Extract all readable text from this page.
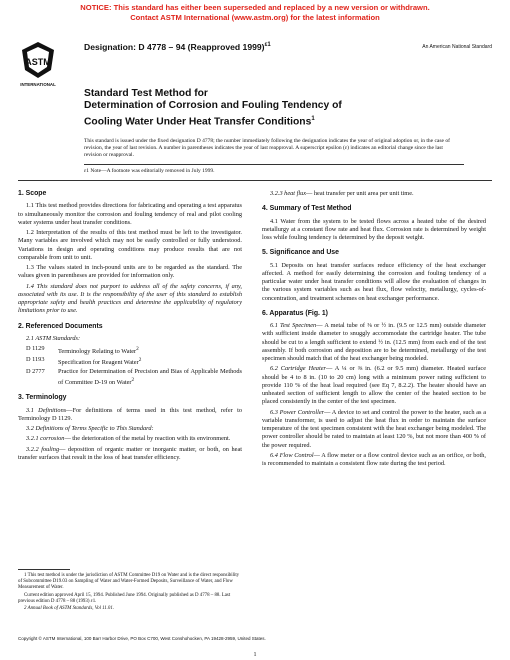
NOTICE: This standard has either been superseded and replaced by a new version or withdrawn.
Contact ASTM International (www.astm.org) for the latest information
ASTM
INTERNATIONAL
Designation: D 4778 – 94 (Reapproved 1999)$^{\varepsilon 1}$	An American National Standard
Standard Test Method for
Determination of Corrosion and Fouling Tendency of
Cooling Water Under Heat Transfer Conditions$^1$
This standard is issued under the fixed designation D 4778; the number immediately following the designation indicates the year of original adoption or, in the case of revision, the year of last revision. A number in parentheses indicates the year of last reapproval. A superscript epsilon (ε) indicates an editorial change since the last revision or reapproval.
ε1 Note—A footnote was editorially removed in July 1999.
1. Scope

1.1 This test method provides directions for fabricating and operating a test apparatus to simultaneously monitor the corrosion and fouling tendency of real and pilot cooling water systems under heat transfer conditions.

1.2 Interpretation of the results of this test method must be left to the investigator. Many variables are involved which may not be easily controlled or fully understood. Variations in design and operating conditions may produce results that are not comparable from unit to unit.

1.3 The values stated in inch-pound units are to be regarded as the standard. The values given in parentheses are provided for information only.

1.4 This standard does not purport to address all of the safety concerns, if any, associated with its use. It is the responsibility of the user of this standard to establish appropriate safety and health practices and determine the applicability of regulatory limitations prior to use.

2. Referenced Documents

2.1 ASTM Standards:

D 1129	Terminology Relating to Water$^2$
D 1193	Specification for Reagent Water$^2$
D 2777	Practice for Determination of Precision and Bias of Applicable Methods of Committee D-19 on Water$^2$
3. Terminology

3.1 Definitions—For definitions of terms used in this test method, refer to Terminology D 1129.

3.2 Definitions of Terms Specific to This Standard:

3.2.1 corrosion— the deterioration of the metal by reaction with its environment.

3.2.2 fouling— deposition of organic matter or inorganic matter, or both, on heat transfer surfaces that result in the loss of heat transfer efficiency.

1 This test method is under the jurisdiction of ASTM Committee D19 on Water and is the direct responsibility of Subcommittee D19.03 on Sampling of Water and Water-Formed Deposits, Surveillance of Water, and Flow Measurement of Water.

Current edition approved April 15, 1994. Published June 1994. Originally published as D 4778 – 88. Last previous edition D 4778 – 88 (1993) ε1.

2 Annual Book of ASTM Standards, Vol 11.01.

3.2.3 heat flux— heat transfer per unit area per unit time.

4. Summary of Test Method

4.1 Water from the system to be tested flows across a heated tube of the desired metallurgy at a constant flow rate and heat flux. Corrosion rate is determined by weight loss while fouling tendency is determined by the deposit weight.

5. Significance and Use

5.1 Deposits on heat transfer surfaces reduce efficiency of the heat exchanger affected. A method for easily determining the corrosion and fouling tendency of a particular water under heat transfer conditions will allow the evaluation of changes in the various system variables such as heat flux, flow velocity, metallurgy, cycles-of-concentration, and treatment schemes on heat exchanger performance.

6. Apparatus (Fig. 1)

6.1 Test Specimen— A metal tube of ⅜ or ½ in. (9.5 or 12.5 mm) outside diameter with sufficient inside diameter to snuggly accommodate the cartridge heater. The tube should be cut to a length sufficient to extend ½ in. (12.5 mm) from each end of the test assembly. If both corrosion and deposition are to be determined, metallurgy of the test specimen should match that of the heat exchanger being modeled.

6.2 Cartridge Heater— A ¼ or ⅜ in. (6.2 or 9.5 mm) diameter. Heated surface should be 4 to 8 in. (10 to 20 cm) long with a minimum power rating sufficient to provide 110 % of the heat load required (see Eq 7, 8.2.2). The heater should have an unheated section of sufficient length to allow the center of the heated section to be placed consistently in the center of the test specimen.

6.3 Power Controller— A device to set and control the power to the heater, such as a variable transformer, is used to adjust the heat flux in order to maintain the surface temperature of the test specimen consistent with the heat exchanger being modeled. The power controller should be rated to maintain at least 120 %, but not more than 400 % of the power required.

6.4 Flow Control— A flow meter or a flow control device such as an orifice, or both, is recommended to maintain a consistent flow rate during the test period.

Copyright © ASTM International, 100 Barr Harbor Drive, PO Box C700, West Conshohocken, PA 19428-2959, United States.
1
